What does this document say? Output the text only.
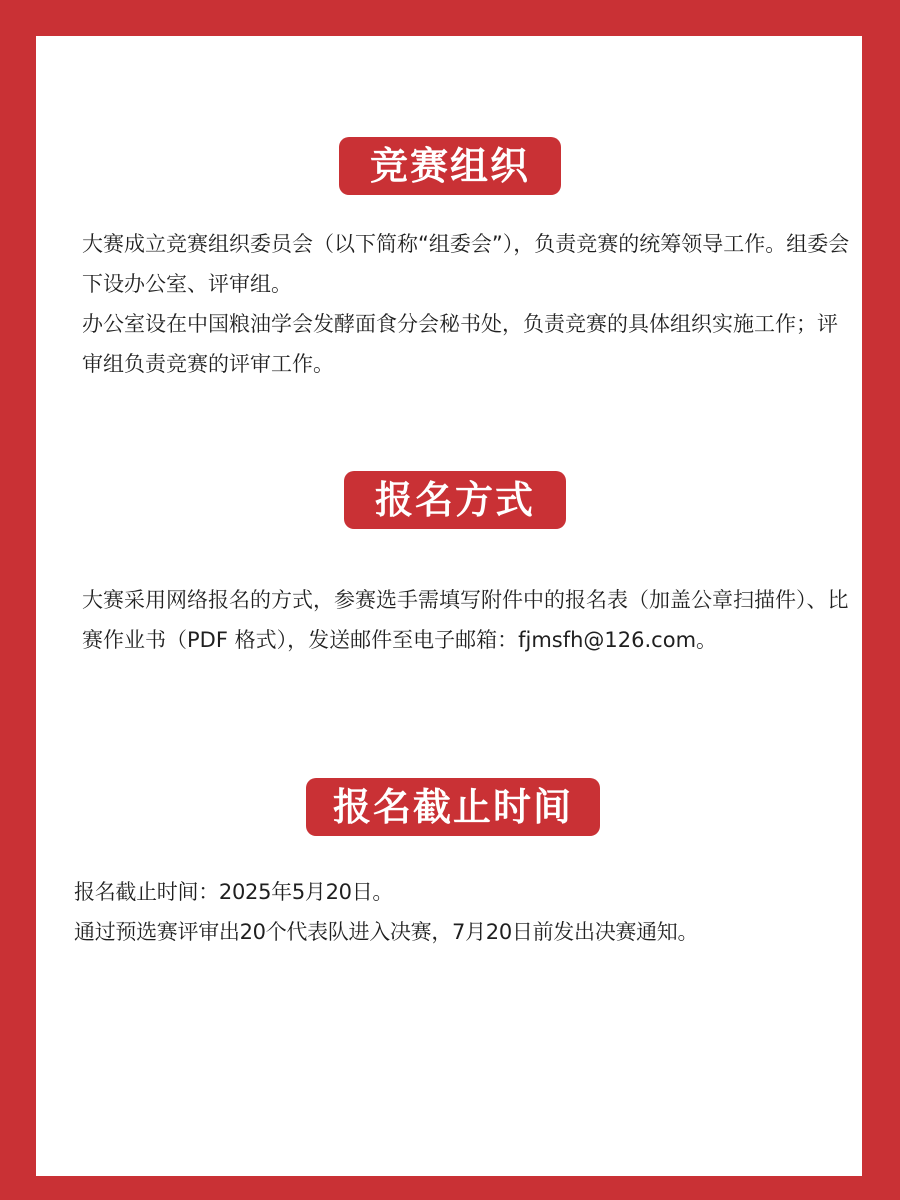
竞赛组织

大赛成立竞赛组织委员会（以下简称“组委会”），负责竞赛的统筹领导工作。组委会下设办公室、评审组。

办公室设在中国粮油学会发酵面食分会秘书处，负责竞赛的具体组织实施工作；评审组负责竞赛的评审工作。

报名方式

大赛采用网络报名的方式，参赛选手需填写附件中的报名表（加盖公章扫描件）、比赛作业书（PDF 格式），发送邮件至电子邮箱：fjmsfh@126.com。

报名截止时间

报名截止时间：2025年5月20日。

通过预选赛评审出20个代表队进入决赛，7月20日前发出决赛通知。
